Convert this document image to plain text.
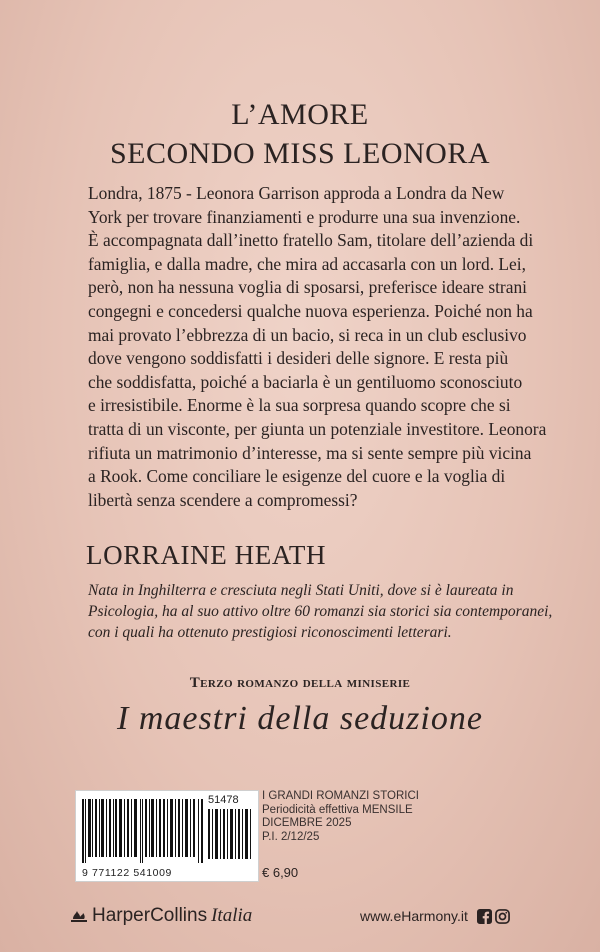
L’AMORE
SECONDO MISS LEONORA
Londra, 1875 - Leonora Garrison approda a Londra da New
York per trovare finanziamenti e produrre una sua invenzione.
È accompagnata dall’inetto fratello Sam, titolare dell’azienda di
famiglia, e dalla madre, che mira ad accasarla con un lord. Lei,
però, non ha nessuna voglia di sposarsi, preferisce ideare strani
congegni e concedersi qualche nuova esperienza. Poiché non ha
mai provato l’ebbrezza di un bacio, si reca in un club esclusivo
dove vengono soddisfatti i desideri delle signore. E resta più
che soddisfatta, poiché a baciarla è un gentiluomo sconosciuto
e irresistibile. Enorme è la sua sorpresa quando scopre che si
tratta di un visconte, per giunta un potenziale investitore. Leonora
rifiuta un matrimonio d’interesse, ma si sente sempre più vicina
a Rook. Come conciliare le esigenze del cuore e la voglia di
libertà senza scendere a compromessi?
LORRAINE HEATH
Nata in Inghilterra e cresciuta negli Stati Uniti, dove si è laureata in
Psicologia, ha al suo attivo oltre 60 romanzi sia storici sia contemporanei,
con i quali ha ottenuto prestigiosi riconoscimenti letterari.
Terzo romanzo della miniserie
I maestri della seduzione
51478
9 771122 541009
I GRANDI ROMANZI STORICI
Periodicità effettiva MENSILE
DICEMBRE 2025
P.I. 2/12/25
€ 6,90
HarperCollins Italia	www.eHarmony.it
